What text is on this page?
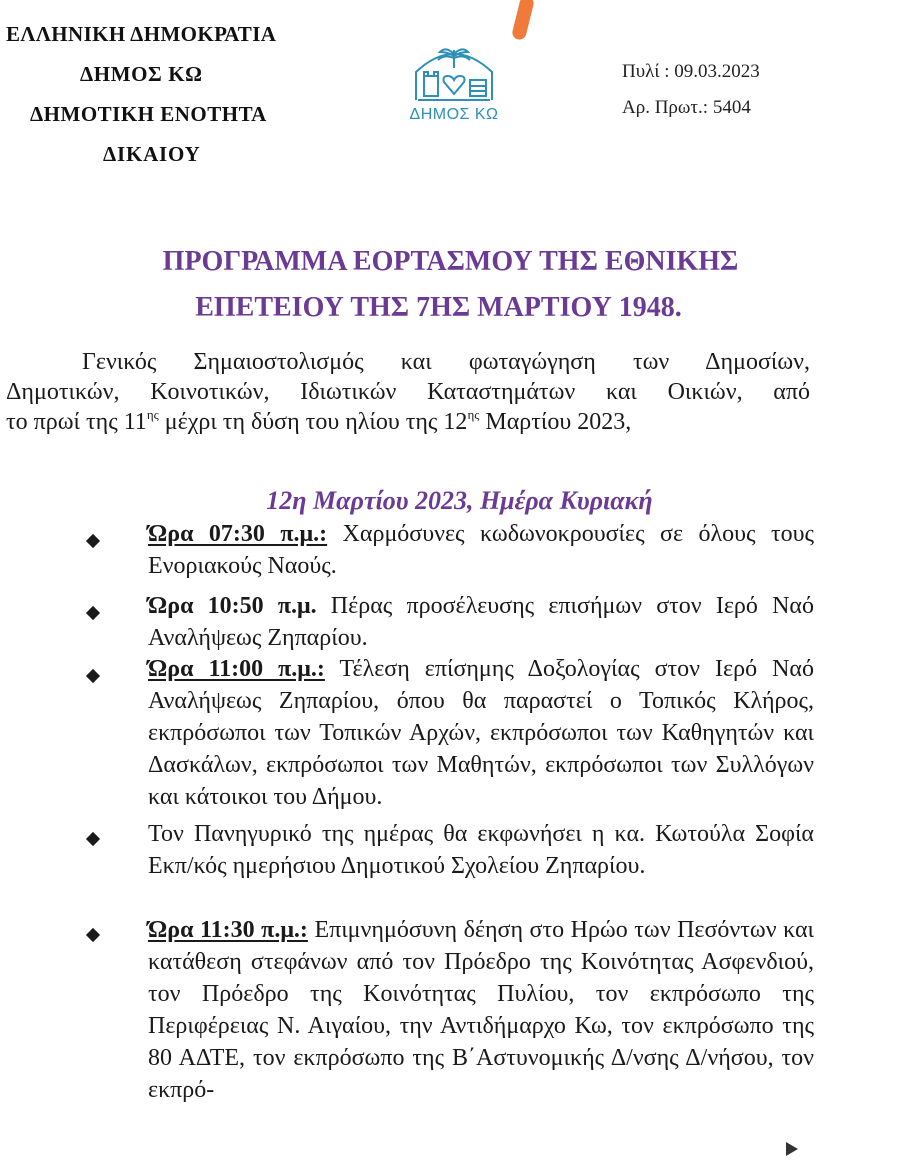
ΕΛΛΗΝΙΚΗ ΔΗΜΟΚΡΑΤΙΑ
ΔΗΜΟΣ ΚΩ
ΔΗΜΟΤΙΚΗ ΕΝΟΤΗΤΑ
ΔΙΚΑΙΟΥ
ΔΗΜΟΣ ΚΩ
Πυλί : 09.03.2023
Αρ. Πρωτ.: 5404
ΠΡΟΓΡΑΜΜΑ ΕΟΡΤΑΣΜΟΥ ΤΗΣ ΕΘΝΙΚΗΣ
ΕΠΕΤΕΙΟΥ ΤΗΣ 7ΗΣ ΜΑΡΤΙΟΥ 1948.
Γενικός Σημαιοστολισμός και φωταγώγηση των Δημοσίων,
Δημοτικών, Κοινοτικών, Ιδιωτικών Καταστημάτων και Οικιών, από
το πρωί της $11^{\eta\varsigma}$ μέχρι τη δύση του ηλίου της $12^{\eta\varsigma}$ Μαρτίου 2023,
12η Μαρτίου 2023, Ημέρα Κυριακή
Ώρα 07:30 π.μ.: Χαρμόσυνες κωδωνοκρουσίες σε όλους τους Ενοριακούς Ναούς.
Ώρα 10:50 π.μ. Πέρας προσέλευσης επισήμων στον Ιερό Ναό Αναλήψεως Ζηπαρίου.
Ώρα 11:00 π.μ.: Τέλεση επίσημης Δοξολογίας στον Ιερό Ναό Αναλήψεως Ζηπαρίου, όπου θα παραστεί ο Τοπικός Κλήρος, εκπρόσωποι των Τοπικών Αρχών, εκπρόσωποι των Καθηγητών και Δασκάλων, εκπρόσωποι των Μαθητών, εκπρόσωποι των Συλλόγων και κάτοικοι του Δήμου.
Τον Πανηγυρικό της ημέρας θα εκφωνήσει η κα. Κωτούλα Σοφία Εκπ/κός ημερήσιου Δημοτικού Σχολείου Ζηπαρίου.
Ώρα 11:30 π.μ.: Επιμνημόσυνη δέηση στο Ηρώο των Πεσόντων και κατάθεση στεφάνων από τον Πρόεδρο της Κοινότητας Ασφενδιού, τον Πρόεδρο της Κοινότητας Πυλίου, τον εκπρόσωπο της Περιφέρειας Ν. Αιγαίου, την Αντιδήμαρχο Κω, τον εκπρόσωπο της 80 ΑΔΤΕ, τον εκπρόσωπο της Β΄Αστυνομικής Δ/νσης Δ/νήσου, τον εκπρό-
